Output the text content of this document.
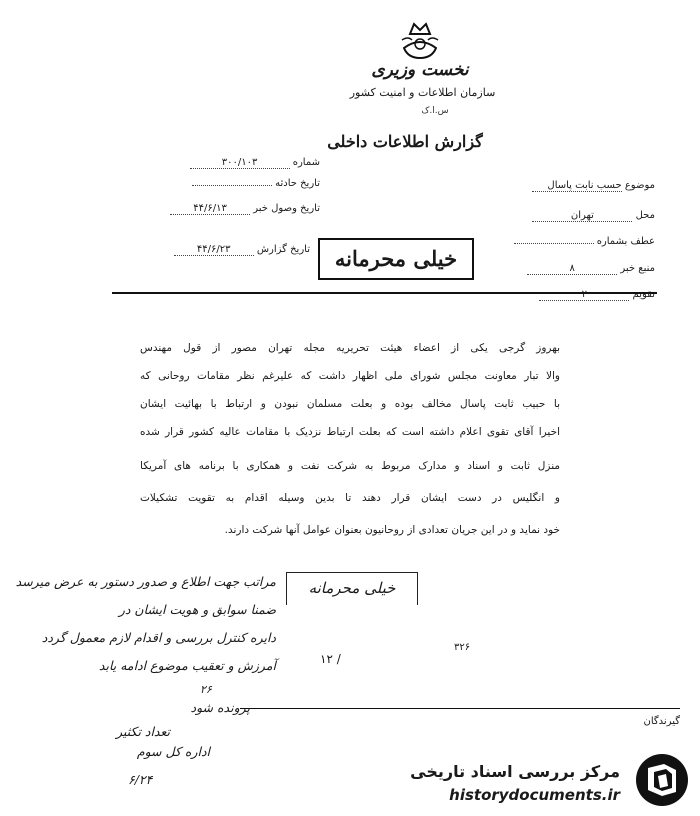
نخست وزیری
سازمان اطلاعات و امنیت کشور
س.ا.ک
گزارش اطلاعات داخلی
شماره ۳۰۰/۱۰۳
تاریخ حادثه
تاریخ وصول خبر ۴۴/۶/۱۳
تاریخ گزارش ۴۴/۶/۲۳
موضوع حسب نابت پاسال
محل تهران
عطف بشماره
منبع خبر ۸
تقویم ۲
خیلی محرمانه

بهروز گرجی یکی از اعضاء هیئت تحریریه مجله تهران مصور از قول مهندس

والا تبار معاونت مجلس شورای ملی اظهار داشت که علیرغم نظر مقامات روحانی که

با حبیب ثابت پاسال مخالف بوده و بعلت مسلمان نبودن و ارتباط با بهائیت ایشان

اخیرا آقای تقوی اعلام داشته است که بعلت ارتباط نزدیک با مقامات عالیه کشور قرار شده

منزل ثابت و اسناد و مدارک مربوط به شرکت نفت و همکاری با برنامه های آمریکا

و انگلیس در دست ایشان قرار دهند تا بدین وسیله اقدام به تقویت تشکیلات

خود نماید و در این جریان تعدادی از روحانیون بعنوان عوامل آنها شرکت دارند.

خیلی محرمانه
مراتب جهت اطلاع و صدور دستور به عرض میرسد
ضمنا سوابق و هویت ایشان در
دایره کنترل بررسی و اقدام لازم معمول گردد
آمرزش و تعقیب موضوع ادامه یابد
۲۶
پرونده شود
تعداد تکثیر
اداره کل سوم
۶/۲۴
۱۲ /
۳۲۶
گیرندگان
مرکز بررسی اسناد تاریخی
historydocuments.ir
